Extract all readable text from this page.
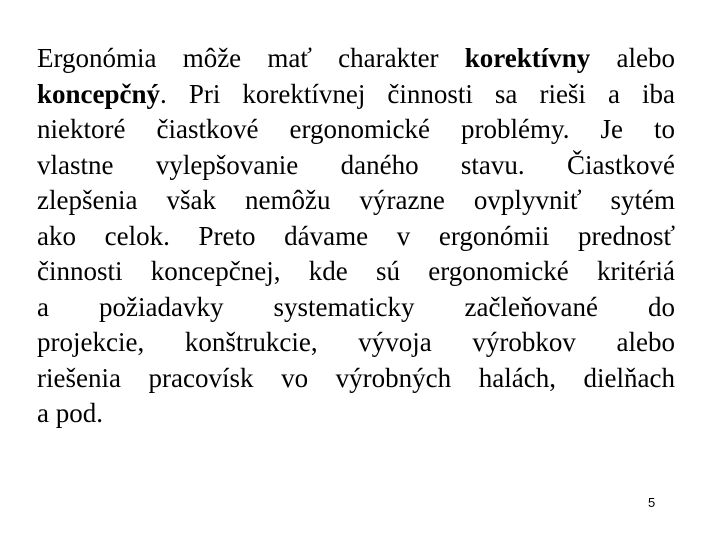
Ergonómia môže mať charakter korektívny alebo
koncepčný. Pri korektívnej činnosti sa rieši a iba
niektoré čiastkové ergonomické problémy. Je to
vlastne vylepšovanie daného stavu. Čiastkové
zlepšenia však nemôžu výrazne ovplyvniť sytém
ako celok. Preto dávame v ergonómii prednosť
činnosti koncepčnej, kde sú ergonomické kritériá
a požiadavky systematicky začleňované do
projekcie, konštrukcie, vývoja výrobkov alebo
riešenia pracovísk vo výrobných halách, dielňach
a pod.
5
